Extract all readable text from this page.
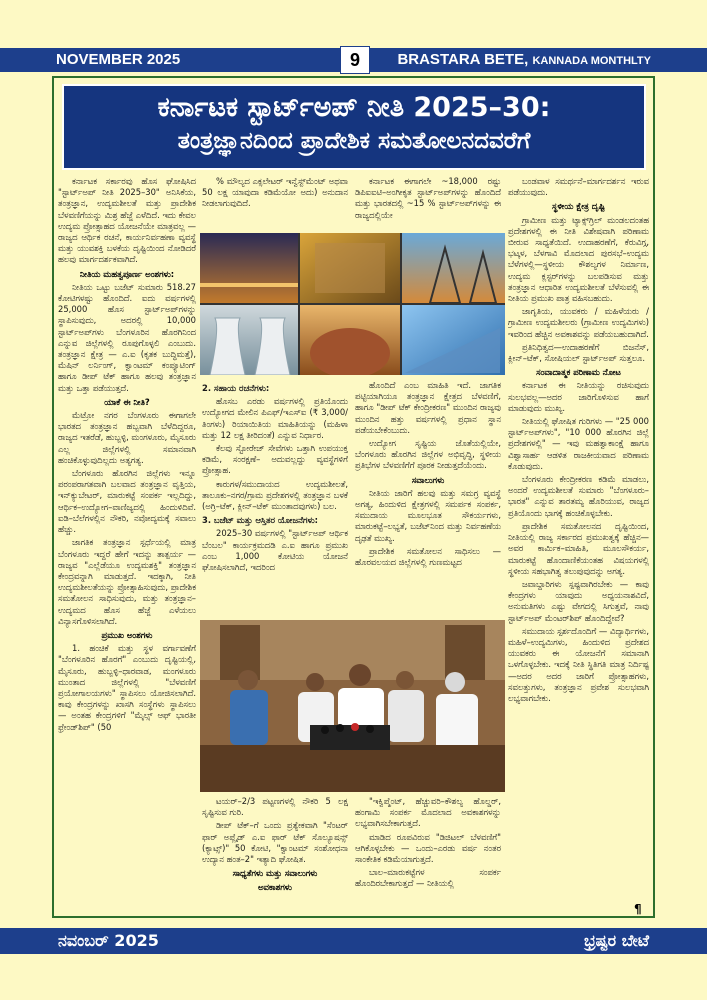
NOVEMBER 2025	9	BRASTARA BETE, KANNADA MONTHLTY
ಕರ್ನಾಟಕ ಸ್ಟಾರ್ಟ್‌ಅಪ್ ನೀತಿ 2025–30:
ತಂತ್ರಜ್ಞಾನದಿಂದ ಪ್ರಾದೇಶಿಕ ಸಮತೋಲನದವರೆಗೆ

ಕರ್ನಾಟಕ ಸರ್ಕಾರವು ಹೊಸ ಘೋಷಿಸಿದ "ಸ್ಟಾರ್ಟ್‌ಅಪ್ ನೀತಿ 2025–30" ಅನಿಸಿಕೆಯ, ತಂತ್ರಜ್ಞಾನ, ಉದ್ಯಮಶೀಲತೆ ಮತ್ತು ಪ್ರಾದೇಶಿಕ ಬೆಳವಣಿಗೆಯನ್ನು ಮಿಶ್ರ ಹೆಜ್ಜೆ ಎಳೆದಿದೆ. ಇದು ಕೇವಲ ಉದ್ಯಮ ಪ್ರೋತ್ಸಾಹದ ಯೋಜನೆಯೇ ಮಾತ್ರವಲ್ಲ — ರಾಜ್ಯದ ಆರ್ಥಿಕ ರಚನೆ, ಕಾರ್ಯನಿರ್ವಹಣಾ ವ್ಯವಸ್ಥೆ ಮತ್ತು ಯುವಶಕ್ತಿ ಬಳಕೆಯ ದೃಷ್ಟಿಯಿಂದ ನೋಡಿದರೆ ಹಲವು ಮಾರ್ಗದರ್ಶಕವಾಗಿದೆ.

ನೀತಿಯ ಮಹತ್ವಪೂರ್ಣ ಅಂಶಗಳು:

ನೀತಿಯ ಒಟ್ಟು ಬಜೆಟ್ ಸುಮಾರು 518.27 ಕೋಟಿಗಳಷ್ಟು ಹೊಂದಿದೆ. ಐದು ವರ್ಷಗಳಲ್ಲಿ 25,000 ಹೊಸ ಸ್ಟಾರ್ಟ್‌ಅಪ್‌ಗಳನ್ನು ಸ್ಥಾಪಿಸುವುದು, ಅದರಲ್ಲಿ 10,000 ಸ್ಟಾರ್ಟ್‌ಅಪ್‌ಗಳು ಬೆಂಗಳೂರಿನ ಹೊರಗಿನಿಂದ ಎನ್ನುವ ಜಿಲ್ಲೆಗಳಲ್ಲಿ ರೂಪುಗೊಳ್ಳಲಿ ಎಂಬುದು. ತಂತ್ರಜ್ಞಾನ ಕ್ಷೇತ್ರ — ಎ.ಐ (ಕೃತಕ ಬುದ್ಧಿಮತ್ತೆ), ಮೆಷಿನ್ ಲರ್ನಿಂಗ್, ಕ್ವಾಂಟಮ್ ಕಂಪ್ಯೂಟಿಂಗ್ ಹಾಗೂ ಡೀಪ್ ಟೆಕ್ ಹಾಗೂ ಹಲವು ತಂತ್ರಜ್ಞಾನ ಮತ್ತು ಒತ್ತಾ ಪಡೆಯುತ್ತದೆ.

ಯಾಕೆ ಈ ನೀತಿ?

ಮೆಟ್ರೋ ನಗರ ಬೆಂಗಳೂರು ಈಗಾಗಲೇ ಭಾರತದ ತಂತ್ರಜ್ಞಾನ ಹಬ್ಬವಾಗಿ ಬೆಳೆದಿದ್ದರೂ, ರಾಜ್ಯದ ಇತರೆಡೆ, ಹುಬ್ಬಳ್ಳಿ, ಮಂಗಳೂರು, ಮೈಸೂರು ಎಲ್ಲ ಜಿಲ್ಲೆಗಳಲ್ಲಿ ಸಮಾನವಾಗಿ ಹಂಚಿಕೊಳ್ಳುವುದಿಲ್ಲದು ಅತ್ಯಗತ್ಯ.

ಬೆಂಗಳೂರು ಹೊರಗಿನ ಜಿಲ್ಲೆಗಳು ಇನ್ನೂ ಪರಂಪರಾಗತವಾಗಿ ಬಲವಾದ ತಂತ್ರಜ್ಞಾನ ವೃತ್ತಿಯ, ಇನ್‌ಕ್ಯುಬೇಟರ್, ಮಾರುಕಟ್ಟೆ ಸಂಪರ್ಕ ಇಲ್ಲದಿದ್ದು, ಆರ್ಥಿಕ–ಉದ್ಯೋಗ–ವಾಣಿಜ್ಯದಲ್ಲಿ ಹಿಂದುಳಿದಿವೆ. ಐಡಿ–ಬೆಲೆಗಳಲ್ಲಿನ ನೌಕರಿ, ನವೋದ್ಯಮಕ್ಕೆ ಸವಾಲು ಹೆಚ್ಚು.

ಜಾಗತಿಕ ತಂತ್ರಜ್ಞಾನ ಸ್ಪರ್ಧೆಯಲ್ಲಿ ಮಾತ್ರ ಬೆಂಗಳೂರು ಇದ್ದರೆ ಹೇಗೆ ಇದನ್ನು ತಾತ್ಪರ್ಯ — ರಾಜ್ಯವ "ಎಲ್ಲೆಡೆಯೂ ಉದ್ಯಮಶಕ್ತಿ" ತಂತ್ರಜ್ಞಾನ ಕೇಂದ್ರವನ್ನಾಗಿ ಮಾಡುತ್ತದೆ. ಇದಕ್ಕಾಗಿ, ನೀತಿ ಉದ್ಯಮಶೀಲತೆಯನ್ನು ಪ್ರೋತ್ಸಾಹಿಸುವುದು, ಪ್ರಾದೇಶಿಕ ಸಮತೋಲನ ಸಾಧಿಸುವುದು, ಮತ್ತು ತಂತ್ರಜ್ಞಾನ–ಉದ್ಯಮದ ಹೊಸ ಹೆಜ್ಜೆ ಎಳೆಯಲು ವಿನ್ಯಾಸಗೊಳಿಸಲಾಗಿದೆ.

ಪ್ರಮುಖ ಅಂಶಗಳು

1. ಹಂಚಿಕೆ ಮತ್ತು ಸ್ಥಳ ವರ್ಗಾವಣೆಗೆ "ಬೆಂಗಳೂರಿನ ಹೊರಗೆ" ಎಂಬುದು ದೃಷ್ಟಿಯಲ್ಲಿ, ಮೈಸೂರು, ಹುಬ್ಬಳ್ಳಿ–ಧಾರವಾಡ, ಮಂಗಳೂರು ಮುಂತಾದ ಜಿಲ್ಲೆಗಳಲ್ಲಿ "ಬೆಳವಣಿಗೆ ಪ್ರಯೋಗಾಲಯಗಳು" ಸ್ಥಾಪಿಸಲು ಯೋಜಿಸಲಾಗಿದೆ. ಕಾವು ಕೇಂದ್ರಗಳನ್ನು ಖಾಸಗಿ ಸಂಸ್ಥೆಗಳು ಸ್ಥಾಪಿಸಲು — ಅಂತಹ ಕೇಂದ್ರಗಳಿಗೆ "ಮೈಲ್ಸ್ ಆಫ್ ಭಾರತೀ ಫ್ರೇಂಡ್‌ಶಿಪ್" (50

% ಮೌಲ್ಯದ ಎಕ್ಸಲೇಟರ್ ಇನ್ವೆಸ್ಟ್‌ಮೆಂಟ್ ಅಥವಾ 50 ಲಕ್ಷ ಯಾವುದಾ ಕಡಿಮೆಯೋ ಅದು) ಅನುದಾನ ನೀಡಲಾಗುವುದಿದೆ.

ಕರ್ನಾಟಕ ಈಗಾಗಲೇ ~18,000 ರಷ್ಟು ಡಿಪಿಐಐಟಿ–ಅಂಗೀಕೃತ ಸ್ಟಾರ್ಟ್‌ಅಪ್‌ಗಳನ್ನು ಹೊಂದಿದೆ ಮತ್ತು ಭಾರತದಲ್ಲಿ ~15 % ಸ್ಟಾರ್ಟ್‌ಅಪ್‌ಗಳನ್ನು ಈ ರಾಜ್ಯದಲ್ಲಿಯೇ

2. ಸಹಾಯ ರಚನೆಗಳು:

ಹೊಸಬ ಎರಡು ವರ್ಷಗಳಲ್ಲಿ ಪ್ರತಿಯೊಂದು ಉದ್ಯೋಗದ ಮೇಲಿನ ಪಿಎಫ್/ಇಎಸ್‌ಐ (₹ 3,000/ತಿಂಗಳು) ರಿಯಾಯಿತಿಯ ಮಾಹಿತಿಯನ್ನು (ಮಹಿಳಾ ಮತ್ತು 12 ಲಕ್ಷ ತೀರಿದಂತೆ) ಎನ್ನುವ ನಿರ್ಧಾರ.

ಕೆಲವು ಸ್ಟೋರೇಜ್ ಸೇವೆಗಳು ಒತ್ತಾಗಿ ಉಪಯುಕ್ತ ಕಡಿಮೆ, ಸಂರಕ್ಷಣೆ– ಅದುವಲ್ಲದ್ದು ವ್ಯವಸ್ಥೆಗಳಿಗೆ ಪ್ರೋತ್ಸಾಹ.

ಕಾರುಗಳ/ಸಮುದಾಯದ ಉದ್ಯಮಶೀಲತೆ, ತಾಲೂಕು–ನಗರ/ಗ್ರಾಮ ಪ್ರದೇಶಗಳಲ್ಲಿ ತಂತ್ರಜ್ಞಾನ ಬಳಕೆ (ಅಗ್ರಿ–ಟೆಕ್, ಕ್ಲೀನ್–ಟೆಕ್ ಮುಂತಾದವುಗಳು) ಬಲ.

3. ಬಜೆಟ್ ಮತ್ತು ಆಸ್ತಿತರ ಯೋಜನೆಗಳು:

2025–30 ವರ್ಷಗಳಲ್ಲಿ "ಸ್ಟಾರ್ಟ್‌ಅಪ್ ಆರ್ಥಿಕ ಬೆಂಬಲ" ಕಾರ್ಯಕ್ರಮದಡಿ ಎ.ಐ ಹಾಗೂ ಪ್ರಮುಖ ಎಂಬ 1,000 ಕೋಟಿಯ ಯೋಜನೆ ಘೋಷಿಸಲಾಗಿದೆ, ಇದರಿಂದ

ಹೊಂದಿದೆ ಎಂಬ ಮಾಹಿತಿ ಇದೆ. ಜಾಗತಿಕ ಪಟ್ಟಿಯಾಗಿಯೂ ತಂತ್ರಜ್ಞಾನ ಕ್ಷೇತ್ರದ ಬೆಳವಣಿಗೆ, ಹಾಗೂ "ಡೀಪ್ ಟೆಕ್ ಕೇಂದ್ರೀಕರಣ" ಮುಂದಿನ ರಾಜ್ಯವು ಮುಂದಿನ ಹತ್ತು ವರ್ಷಗಳಲ್ಲಿ ಪ್ರಧಾನ ಸ್ಥಾನ ಪಡೆಯಬೇಕೆಂಬುದು.

ಉದ್ಯೋಗ ಸೃಷ್ಟಿಯ ಜೊತೆಯಲ್ಲಿಯೇ, ಬೆಂಗಳೂರು ಹೊರಗಿನ ಜಿಲ್ಲೆಗಳ ಅಭಿವೃದ್ಧಿ, ಸ್ಥಳೀಯ ಪ್ರತಿಭೆಗಳ ಬೆಳವಣಿಗೆಗೆ ಪೂರಕ ನೀಡುತ್ತದೆಯೆಂದು.

ಸವಾಲುಗಳು

ನೀತಿಯ ಜಾರಿಗೆ ಹಲವು ಮತ್ತು ಸಮಗ್ರ ವ್ಯವಸ್ಥೆ ಅಗತ್ಯ, ಹಿಂದುಳಿದ ಕ್ಷೇತ್ರಗಳಲ್ಲಿ ಸಮರ್ಪಕ ಸಂಪರ್ಕ, ಸಮುದಾಯ ಮೂಲಭೂತ ಸೌಕರ್ಯಗಳು, ಮಾರುಕಟ್ಟೆ–ಲಭ್ಯತೆ, ಬಜೆಟ್‌ನಿಂದ ಮತ್ತು ನಿರ್ವಹಣೆಯ ದೃಢತೆ ಮುಖ್ಯ.

ಪ್ರಾದೇಶಿಕ ಸಮತೋಲನ ಸಾಧಿಸಲು — ಹೊರವಲಯದ ಜಿಲ್ಲೆಗಳಲ್ಲಿ ಗುಣಮಟ್ಟದ

ಬಂಡವಾಳ ಸಮರ್ಥನೆ–ಮಾರ್ಗದರ್ಶನ ಇರುವ ಪಡೆಯುವುದು.

ಸ್ಥಳೀಯ ಕ್ಷೇತ್ರ ದೃಷ್ಟಿ

ಗ್ರಾಮೀಣ ಮತ್ತು ಟ್ಯಾಕ್ಸ್‌ಗ್ರಿಲ್ ಮಂಡಲದಂತಹ ಪ್ರದೇಶಗಳಲ್ಲಿ ಈ ನೀತಿ ವಿಶೇಷವಾಗಿ ಪರಿಣಾಮ ಬೀರುವ ಸಾಧ್ಯತೆಯಿದೆ. ಉದಾಹರಣೆಗೆ, ಕೆರುವಿಗ್ಗ, ಭಟ್ಕಳ, ಬೆಳಗಾವಿ ಮೊದಲಾದ ಪುರಸಭೆ–ಉದ್ಯಮ ಬೆಳೆಗಳಲ್ಲಿ—ಸ್ಥಳೀಯ ಕೌಶಲ್ಯಗಳ ನಿರ್ಮಾಣ, ಉದ್ಯಮ ಕ್ಲಸ್ಟರ್‌ಗಳನ್ನು ಬಲಪಡಿಸುವ ಮತ್ತು ತಂತ್ರಜ್ಞಾನ ಆಧಾರಿತ ಉದ್ಯಮಶೀಲತೆ ಬೆಳೆಸುವಲ್ಲಿ ಈ ನೀತಿಯ ಪ್ರಮುಖ ಪಾತ್ರ ವಹಿಸಬಹುದು.

ಜಾಗೃತಿಯ, ಯುವಕರು / ಮಹಿಳೆಯರು / ಗ್ರಾಮೀಣ ಉದ್ಯಮಶೀಲರು (ಗ್ರಾಮೀಣ ಉದ್ಯಮಿಗಳು) ಇವರಿಂದ ಹೆಚ್ಚಿನ ಅವಕಾಶವನ್ನು ಪಡೆಯಬಹುದಾಗಿದೆ.

ಪ್ರತಿನಿಧಿತ್ವದ—ಉದಾಹರಣೆಗೆ ಬಿಜನೆಸ್, ಕ್ಲೀನ್–ಟೆಕ್, ಸೋಷಿಯಲ್ ಸ್ಟಾರ್ಟ್‌ಅಪ್ ಸುತ್ತಲೂ.

ಸಂವಾದಾತ್ಮಕ ಪರಿಣಾಮ ನೋಟ

ಕರ್ನಾಟಕ ಈ ನೀತಿಯನ್ನು ರಚಿಸುವುದು ಸುಲಭವಲ್ಲ—ಅದರ ಜಾರಿಗೊಳಿಸುವ ಹಾಗೆ ಮಾಡುವುದು ಮುಖ್ಯ.

ನೀತಿಯಲ್ಲಿ ಘೋಷಿತ ಗುರಿಗಳು — "25 000 ಸ್ಟಾರ್ಟ್‌ಅಪ್‌ಗಳು", "10 000 ಹೊರಗಿನ ಜಿಲ್ಲೆ ಪ್ರದೇಶಗಳಲ್ಲಿ" — ಇವು ಮಹತ್ವಾಕಾಂಕ್ಷೆ ಹಾಗೂ ವಿಶ್ವಾಸಾರ್ಹ ಆಡಳಿತ ರಾಜಕೀಯವಾದ ಪರಿಣಾಮ ಕೊಡುವುದು.

ಬೆಂಗಳೂರು ಕೇಂದ್ರೀಕರಣ ಕಡಿಮೆ ಮಾಡಲು, ಅಂದರೆ ಉದ್ಯಮಶೀಲತೆ ಸುಮಾರು "ಬೆಂಗಳೂರು–ಭಾರತ" ಎನ್ನುವ ತಾರತಮ್ಯ ಹೊರಿಯುವ, ರಾಜ್ಯದ ಪ್ರತಿಯೊಂದು ಭಾಗಕ್ಕೆ ಹಂಚಿಕೊಳ್ಳಬೇಕು.

ಪ್ರಾದೇಶಿಕ ಸಮತೋಲನದ ದೃಷ್ಟಿಯಿಂದ, ನೀತಿಯಲ್ಲಿ ರಾಜ್ಯ ಸರ್ಕಾರದ ಪ್ರಮುಖತ್ವಕ್ಕೆ ಹೆಚ್ಚಿನ—ಅವರ ಕಾರ್ಮಿಕ–ಮಾಹಿತಿ, ಮೂಲಸೌಕರ್ಯ, ಮಾರುಕಟ್ಟೆ ಹೊಂದಾಣಿಕೆಯಂತಹ ವಿಷಯಗಳಲ್ಲಿ ಸ್ಥಳೀಯ ಸಹಭಾಗಿತ್ವ ತಲುಪುವುದನ್ನು ಅಗತ್ಯ.

ಜವಾಬ್ದಾರಿಗಳು ಸ್ಪಷ್ಟವಾಗಿರಬೇಕು — ಕಾವು ಕೇಂದ್ರಗಳು ಯಾವುದು ಅಧ್ಯಯನಾಶವಿದೆ, ಅನುಮತಿಗಳು ಎಷ್ಟು ವೇಗದಲ್ಲಿ ಸಿಗುತ್ತವೆ, ನಾವು ಸ್ಟಾರ್ಟ್‌ಅಪ್ ಮೆಂಟರ್‌ಶಿಪ್ ಹೊಂದಿದ್ದೇವೆ?

ಸಮುದಾಯ ಸ್ಪರ್ಶದೊಂದಿಗೆ — ವಿದ್ಯಾರ್ಥಿಗಳು, ಮಹಿಳೆ–ಉದ್ಯಮಿಗಳು, ಹಿಂದುಳಿದ ಪ್ರದೇಶದ ಯುವಕರು ಈ ಯೋಜನೆಗೆ ಸಮಾನಾಗಿ ಒಳಗೊಳ್ಳಬೇಕು. ಇದಕ್ಕೆ ನೀತಿ ಸ್ಥಿತಿಗತಿ ಮಾತ್ರ ನಿರ್ದಿಷ್ಟ—ಅದರ ಅದರ ಜಾರಿಗೆ ಪ್ರೋತ್ಸಾಹಗಳು, ಸವಲತ್ತುಗಳು, ತಂತ್ರಜ್ಞಾನ ಪ್ರವೇಶ ಸುಲಭವಾಗಿ ಲಭ್ಯವಾಗಬೇಕು.

ಟಯರ್–2/3 ಪಟ್ಟಣಗಳಲ್ಲಿ ನೌಕರಿ 5 ಲಕ್ಷ ಸೃಷ್ಟಿಸುವ ಗುರಿ.

ಡೀಪ್ ಟೆಕ್–ಗೆ ಒಂದು ಪ್ರತ್ಯೇಕವಾಗಿ "ಸೆಂಟರ್ ಫಾರ್ ಅಪ್ಲೈಡ್ ಎ.ಐ ಫಾರ್ ಟೆಕ್ ಸೊಲ್ಯೂಷನ್ಸ್ (ಕ್ಯಾಟ್ಸ್)" 50 ಕೋಟಿ, "ಕ್ವಾಂಟಮ್ ಸಂಶೋಧನಾ ಉದ್ಯಾನ ಹಂತ–2" ಇತ್ಯಾದಿ ಘೋಷಿತ.

ಸಾಧ್ಯತೆಗಳು ಮತ್ತು ಸವಾಲುಗಳು

ಅವಕಾಶಗಳು

"ಇಕ್ವಿಪ್ಮೆಂಟ್, ಹೆಚ್ಚುವರಿ–ಕೌಶಲ್ಯ ಹೊಲ್ಡರ್, ಹಂಗಾಮಿ ಸಂಪರ್ಕ ಮೊದಲಾದ ಅವಕಾಶಗಳನ್ನು ಲಭ್ಯವಾಗಿಸಬೇಕಾಗುತ್ತದೆ.

ಮಾಡಿದ ರೂಪವಿರುವ "ಡಿಜಿಟಲ್ ಬೆಳವಣಿಗೆ" ಆಗಿಕೊಳ್ಳಬೇಕು — ಒಂದು–ಎರಡು ವರ್ಷ ನಂತರ ಸಾಂಕೇತಿಕ ಕಡಿಮೆಯಾಗುತ್ತದೆ.

ಬಾಲ–ಮಾರುಕಟ್ಟೆಗಳ ಸಂಪರ್ಕ ಹೊಂದಿರಬೇಕಾಗುತ್ತದೆ — ನೀತಿಯಲ್ಲಿ

¶
ನವಂಬರ್ 2025	ಭ್ರಷ್ಟರ ಬೇಟೆ
